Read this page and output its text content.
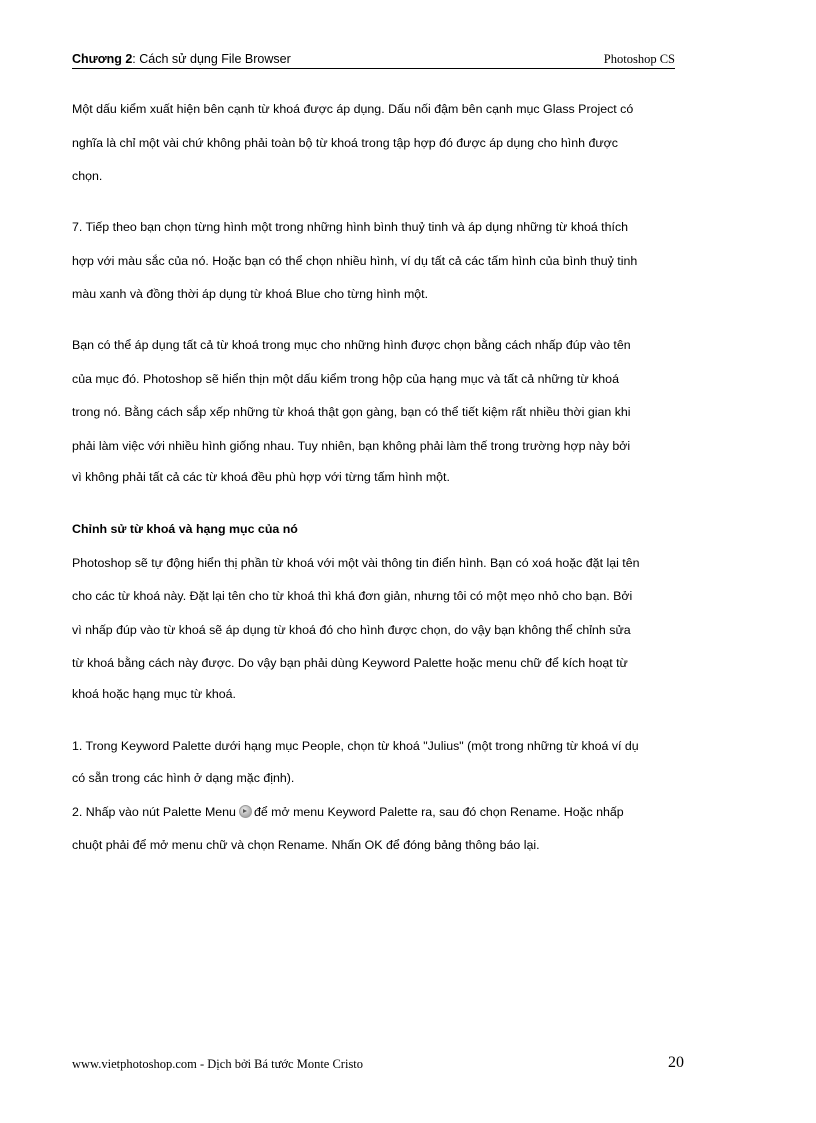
Chương 2: Cách sử dụng File Browser	Photoshop CS
Một dấu kiểm xuất hiện bên cạnh từ khoá được áp dụng. Dấu nối đậm bên cạnh mục Glass Project có
nghĩa là chỉ một vài chứ không phải toàn bộ từ khoá trong tập hợp đó được áp dụng cho hình được
chọn.
7. Tiếp theo bạn chọn từng hình một trong những hình bình thuỷ tinh và áp dụng những từ khoá thích
hợp với màu sắc của nó. Hoặc bạn có thể chọn nhiều hình, ví dụ tất cả các tấm hình của bình thuỷ tinh
màu xanh và đồng thời áp dụng từ khoá Blue cho từng hình một.
Bạn có thể áp dụng tất cả từ khoá trong mục cho những hình được chọn bằng cách nhấp đúp vào tên
của mục đó. Photoshop sẽ hiển thịn một dấu kiểm trong hộp của hạng mục và tất cả những từ khoá
trong nó. Bằng cách sắp xếp những từ khoá thật gọn gàng, bạn có thể tiết kiệm rất nhiều thời gian khi
phải làm việc với nhiều hình giống nhau. Tuy nhiên, bạn không phải làm thế trong trường hợp này bởi
vì không phải tất cả các từ khoá đều phù hợp với từng tấm hình một.
Chỉnh sử từ khoá và hạng mục của nó
Photoshop sẽ tự động hiển thị phần từ khoá với một vài thông tin điển hình. Bạn có xoá hoặc đặt lại tên
cho các từ khoá này. Đặt lại tên cho từ khoá thì khá đơn giản, nhưng tôi có một mẹo nhỏ cho bạn. Bởi
vì nhấp đúp vào từ khoá sẽ áp dụng từ khoá đó cho hình được chọn, do vậy bạn không thể chỉnh sửa
từ khoá bằng cách này được. Do vậy bạn phải dùng Keyword Palette hoặc menu chữ để kích hoạt từ
khoá hoặc hạng mục từ khoá.
1. Trong Keyword Palette dưới hạng mục People, chọn từ khoá "Julius" (một trong những từ khoá ví dụ
có sẵn trong các hình ở dạng mặc định).
2. Nhấp vào nút Palette Menu để mở menu Keyword Palette ra, sau đó chọn Rename. Hoặc nhấp
chuột phải để mở menu chữ và chọn Rename. Nhấn OK để đóng bảng thông báo lại.
www.vietphotoshop.com - Dịch bởi Bá tước Monte Cristo	20
